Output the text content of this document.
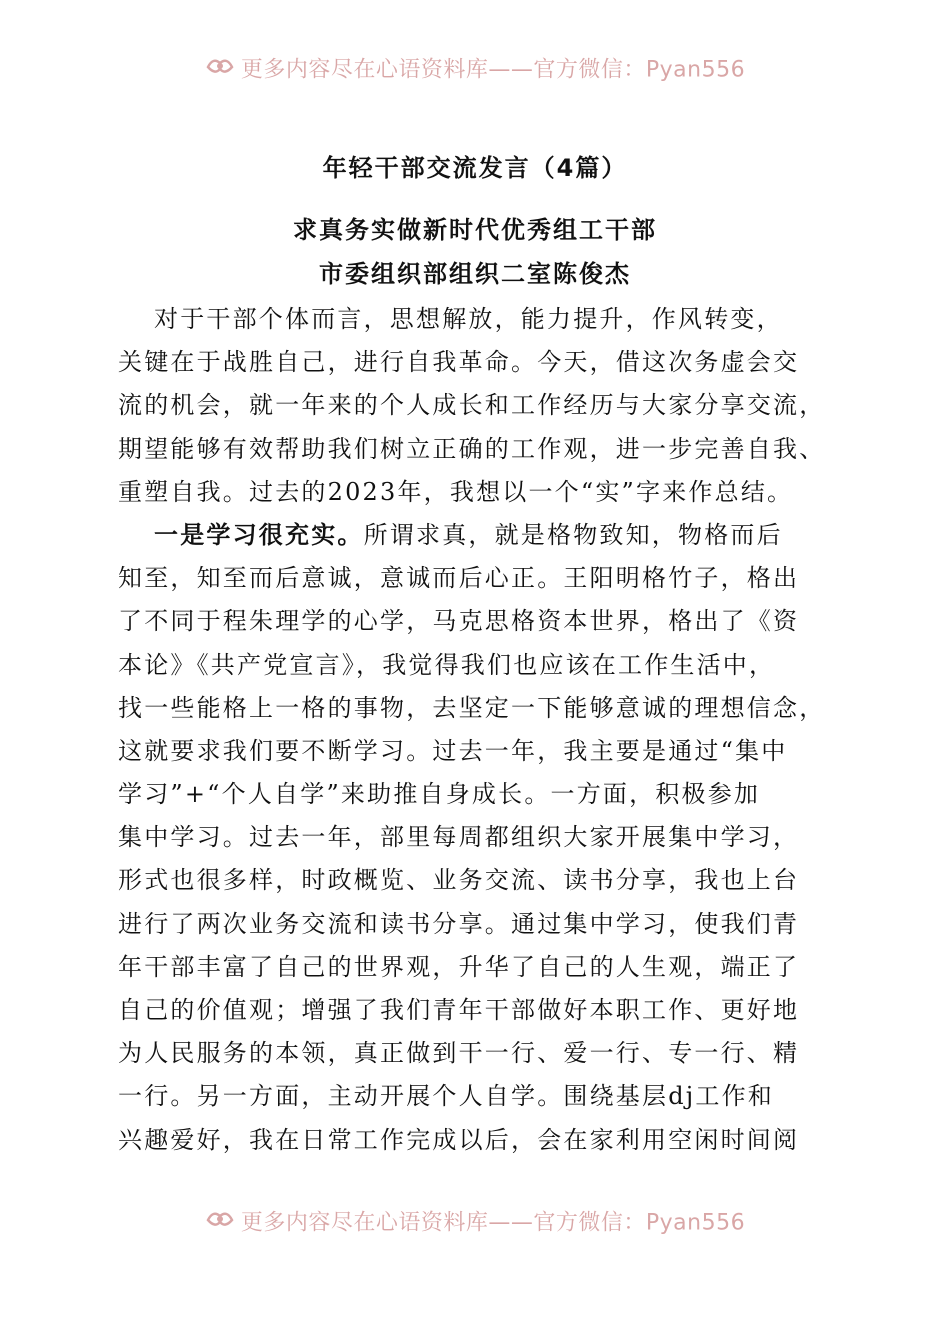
更多内容尽在心语资料库——官方微信：Pyan556
年轻干部交流发言（4篇）
求真务实做新时代优秀组工干部
市委组织部组织二室陈俊杰
对于干部个体而言，思想解放，能力提升，作风转变，
关键在于战胜自己，进行自我革命。今天，借这次务虚会交
流的机会，就一年来的个人成长和工作经历与大家分享交流，
期望能够有效帮助我们树立正确的工作观，进一步完善自我、
重塑自我。过去的2023年，我想以一个“实”字来作总结。
一是学习很充实。所谓求真，就是格物致知，物格而后
知至，知至而后意诚，意诚而后心正。王阳明格竹子，格出
了不同于程朱理学的心学，马克思格资本世界，格出了《资
本论》《共产党宣言》，我觉得我们也应该在工作生活中，
找一些能格上一格的事物，去坚定一下能够意诚的理想信念，
这就要求我们要不断学习。过去一年，我主要是通过“集中
学习”+“个人自学”来助推自身成长。一方面，积极参加
集中学习。过去一年，部里每周都组织大家开展集中学习，
形式也很多样，时政概览、业务交流、读书分享，我也上台
进行了两次业务交流和读书分享。通过集中学习，使我们青
年干部丰富了自己的世界观，升华了自己的人生观，端正了
自己的价值观；增强了我们青年干部做好本职工作、更好地
为人民服务的本领，真正做到干一行、爱一行、专一行、精
一行。另一方面，主动开展个人自学。围绕基层dj工作和
兴趣爱好，我在日常工作完成以后，会在家利用空闲时间阅
更多内容尽在心语资料库——官方微信：Pyan556
